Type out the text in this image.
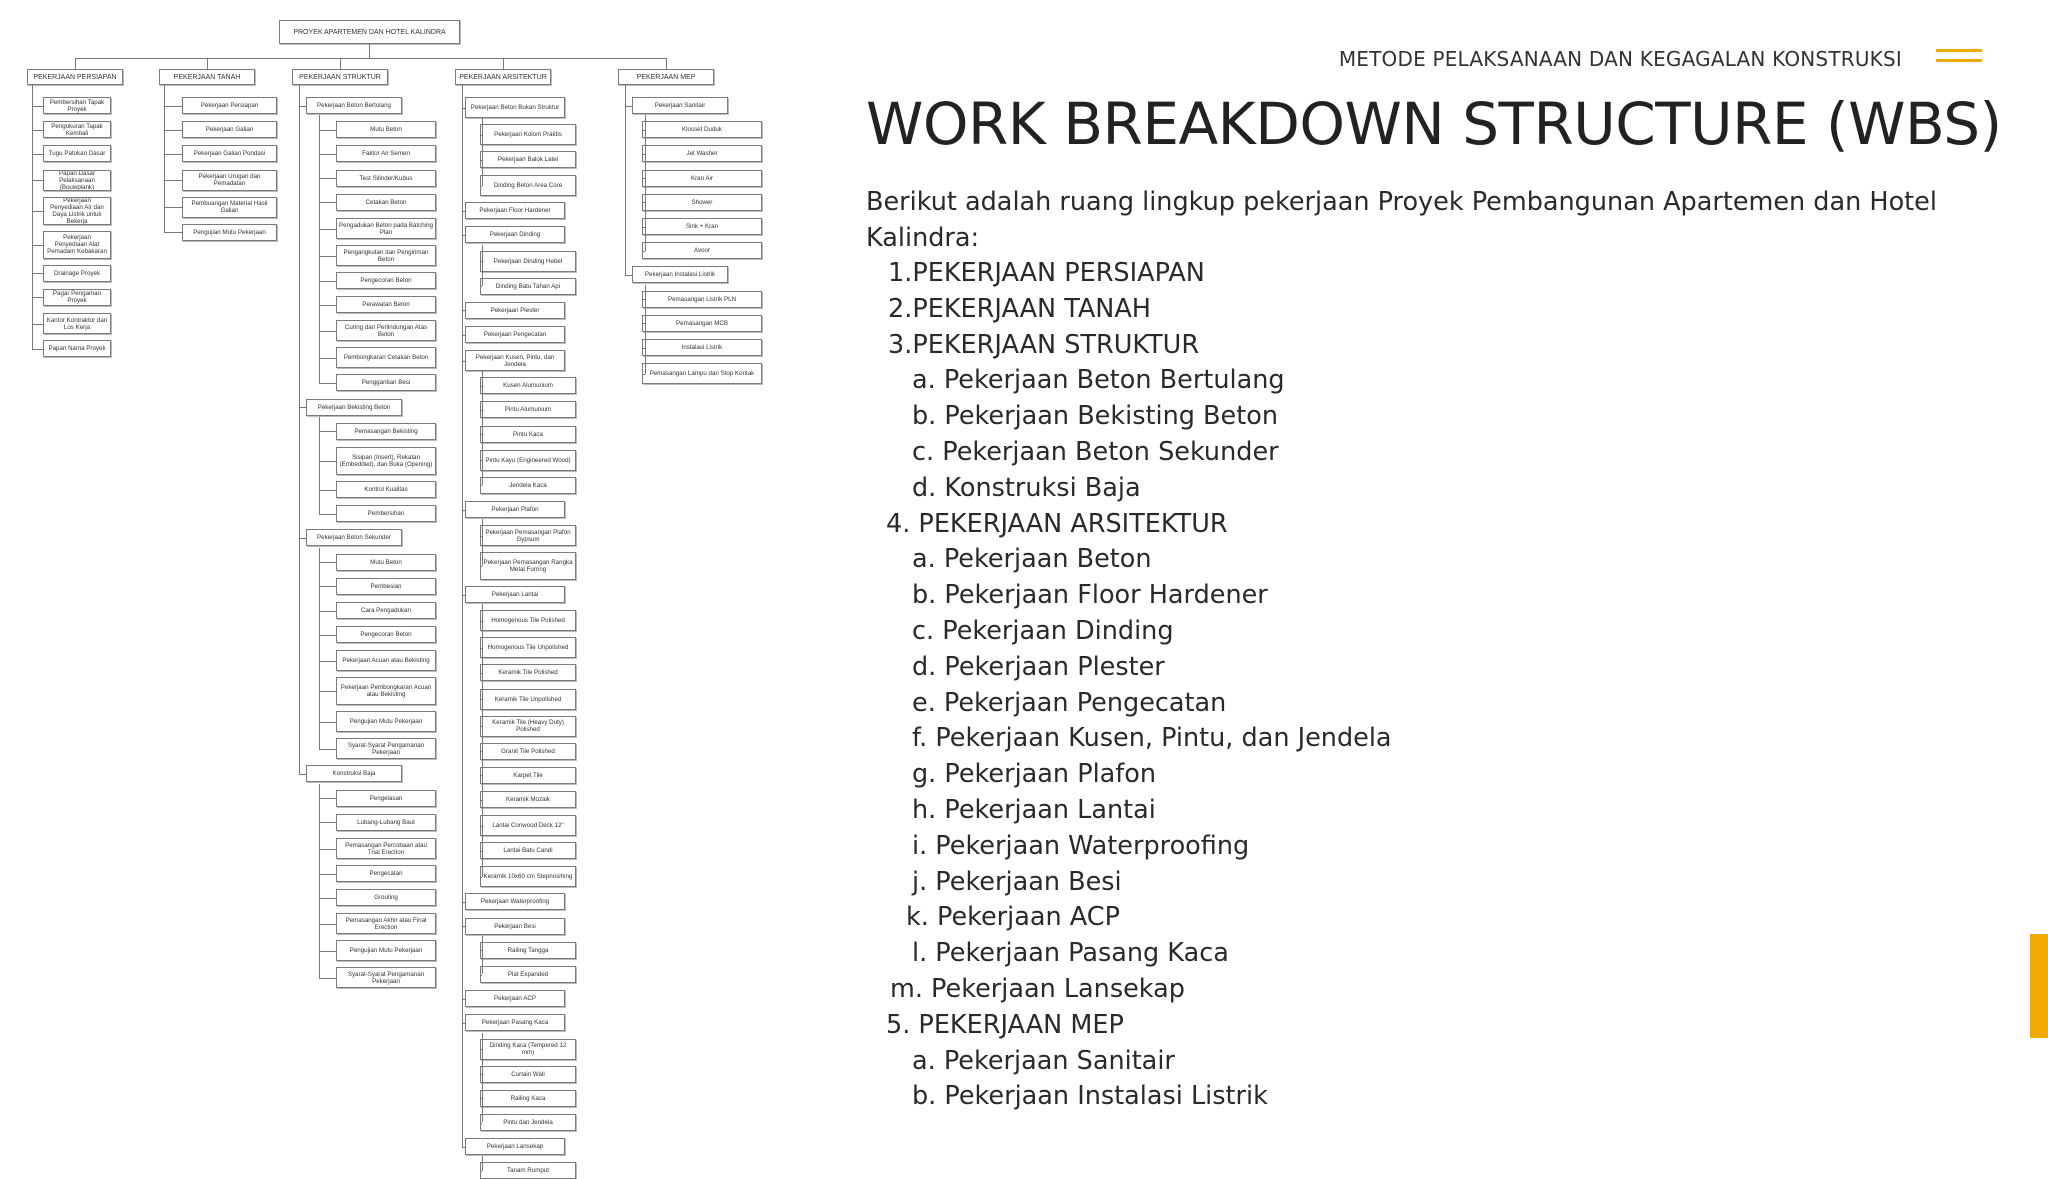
PROYEK APARTEMEN DAN HOTEL KALINDRA
PEKERJAAN PERSIAPAN	PEKERJAAN TANAH	PEKERJAAN STRUKTUR	PEKERJAAN ARSITEKTUR	PEKERJAAN MEP
Pembersihan Tapak Proyek
Pengukuran Tapak Kembali
Tugu Patokan Dasar
Papan Dasar Pelaksanaan (Bouwplank)
Pekerjaan Penyediaan Air dan Daya Listrik untuk Bekerja
Pekerjaan Penyediaan Alat Pemadam Kebakaran
Drainage Proyek
Pagar Pengaman Proyek
Kantor Kontraktor dan Los Kerja
Papan Nama Proyek
Pekerjaan Persiapan
Pekerjaan Galian
Pekerjaan Galian Pondasi
Pekerjaan Urugan dan Pemadatan
Pembuangan Material Hasil Galian
Pengujian Mutu Pekerjaan
Pekerjaan Beton Bertulang
Mutu Beton
Faktor Air Semen
Test Silinder/Kubus
Cetakan Beton
Pengadukan Beton pada Batching Plan
Pengangkutan dan Pengiriman Beton
Pengecoran Beton
Perawatan Beton
Curing dan Perlindungan Atas Beton
Pembongkaran Cetakan Beton
Penggantian Besi
Pekerjaan Bekisting Beton
Pemasangan Bekisting
Sisipan (Insert), Rekatan (Embedded), dan Buka (Opening)
Kontrol Kualitas
Pembersihan
Pekerjaan Beton Sekunder
Mutu Beton
Pembesian
Cara Pengadukan
Pengecoran Beton
Pekerjaan Acuan atau Bekisting
Pekerjaan Pembongkaran Acuan atau Bekisting
Pengujian Mutu Pekerjaan
Syarat-Syarat Pengamanan Pekerjaan
Konstruksi Baja
Pengelasan
Lubang-Lubang Baut
Pemasangan Percobaan atau Trial Erection
Pengecatan
Grouting
Pemasangan Akhir atau Final Erection
Pengujian Mutu Pekerjaan
Syarat-Syarat Pengamanan Pekerjaan
Pekerjaan Beton Bukan Struktur
Pekerjaan Kolom Praktis
Pekerjaan Balok Latei
Dinding Beton Area Core
Pekerjaan Floor Hardener
Pekerjaan Dinding
Pekerjaan Dinding Hebel
Dinding Batu Tahan Api
Pekerjaan Plester
Pekerjaan Pengecatan
Pekerjaan Kusen, Pintu, dan Jendela
Kusen Alumunium
Pintu Alumunium
Pintu Kaca
Pintu Kayu (Engineered Wood)
Jendela Kaca
Pekerjaan Plafon
Pekerjaan Pemasangan Plafon Gypsum
Pekerjaan Pemasangan Rangka Metal Furring
Pekerjaan Lantai
Homogenous Tile Polished
Homogenous Tile Unpolished
Keramik Tile Polished
Keramik Tile Unpolished
Keramik Tile (Heavy Duty) Polished
Granit Tile Polished
Karpet Tile
Keramik Mozaik
Lantai Conwood Deck 12"
Lantai Batu Candi
Keramik 10x60 cm Stepnosihing
Pekerjaan Waterproofing
Pekerjaan Besi
Railing Tangga
Plat Expanded
Pekerjaan ACP
Pekerjaan Pasang Kaca
Dinding Kaca (Tempered 12 mm)
Curtain Wall
Railing Kaca
Pintu dan Jendela
Pekerjaan Lansekap
Tanam Rumput
Pekerjaan Sanitair
Klosset Duduk
Jet Washer
Kran Air
Shower
Sink + Kran
Avoor
Pekerjaan Instalasi Listrik
Pemasangan Listrik PLN
Pemasangan MCB
Instalasi Listrik
Pemasangan Lampu dan Stop Kontak
METODE PELAKSANAAN DAN KEGAGALAN KONSTRUKSI
WORK BREAKDOWN STRUCTURE (WBS)

Berikut adalah ruang lingkup pekerjaan Proyek Pembangunan Apartemen dan Hotel Kalindra:

1.PEKERJAAN PERSIAPAN
2.PEKERJAAN TANAH
3.PEKERJAAN STRUKTUR
a. Pekerjaan Beton Bertulang
b. Pekerjaan Bekisting Beton
c. Pekerjaan Beton Sekunder
d. Konstruksi Baja
4. PEKERJAAN ARSITEKTUR
a. Pekerjaan Beton
b. Pekerjaan Floor Hardener
c. Pekerjaan Dinding
d. Pekerjaan Plester
e. Pekerjaan Pengecatan
f. Pekerjaan Kusen, Pintu, dan Jendela
g. Pekerjaan Plafon
h. Pekerjaan Lantai
i. Pekerjaan Waterproofing
j. Pekerjaan Besi
k. Pekerjaan ACP
l. Pekerjaan Pasang Kaca
m. Pekerjaan Lansekap
5. PEKERJAAN MEP
a. Pekerjaan Sanitair
b. Pekerjaan Instalasi Listrik
